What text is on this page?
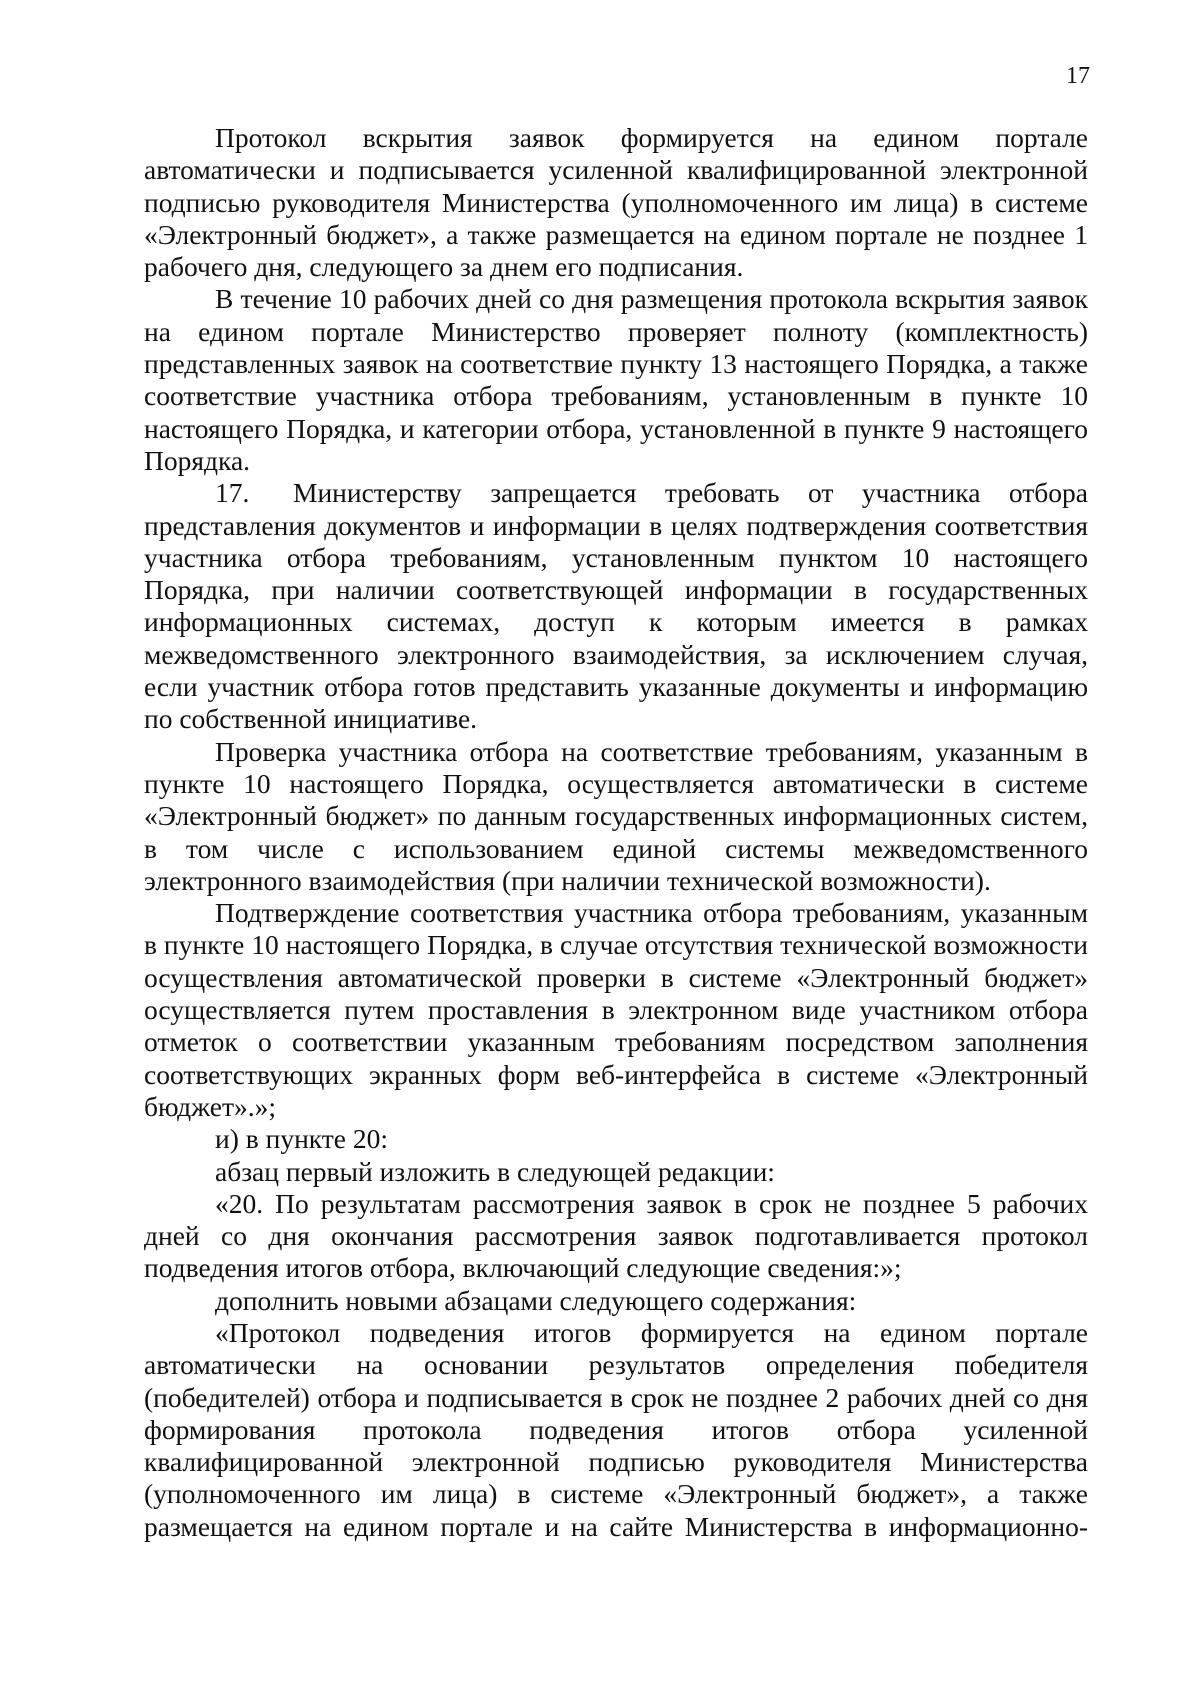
17

Протокол вскрытия заявок формируется на едином портале автоматически и подписывается усиленной квалифицированной электронной подписью руководителя Министерства (уполномоченного им лица) в системе «Электронный бюджет», а также размещается на едином портале не позднее 1 рабочего дня, следующего за днем его подписания.

В течение 10 рабочих дней со дня размещения протокола вскрытия заявок на едином портале Министерство проверяет полноту (комплектность) представленных заявок на соответствие пункту 13 настоящего Порядка, а также соответствие участника отбора требованиям, установленным в пункте 10 настоящего Порядка, и категории отбора, установленной в пункте 9 настоящего Порядка.

17. Министерству запрещается требовать от участника отбора представления документов и информации в целях подтверждения соответствия участника отбора требованиям, установленным пунктом 10 настоящего Порядка, при наличии соответствующей информации в государственных информационных системах, доступ к которым имеется в рамках межведомственного электронного взаимодействия, за исключением случая, если участник отбора готов представить указанные документы и информацию по собственной инициативе.

Проверка участника отбора на соответствие требованиям, указанным в пункте 10 настоящего Порядка, осуществляется автоматически в системе «Электронный бюджет» по данным государственных информационных систем, в том числе с использованием единой системы межведомственного электронного взаимодействия (при наличии технической возможности).

Подтверждение соответствия участника отбора требованиям, указанным в пункте 10 настоящего Порядка, в случае отсутствия технической возможности осуществления автоматической проверки в системе «Электронный бюджет» осуществляется путем проставления в электронном виде участником отбора отметок о соответствии указанным требованиям посредством заполнения соответствующих экранных форм веб-интерфейса в системе «Электронный бюджет».»;

и) в пункте 20:

абзац первый изложить в следующей редакции:

«20. По результатам рассмотрения заявок в срок не позднее 5 рабочих дней со дня окончания рассмотрения заявок подготавливается протокол подведения итогов отбора, включающий следующие сведения:»;

дополнить новыми абзацами следующего содержания:

«Протокол подведения итогов формируется на едином портале автоматически на основании результатов определения победителя (победителей) отбора и подписывается в срок не позднее 2 рабочих дней со дня формирования протокола подведения итогов отбора усиленной квалифицированной электронной подписью руководителя Министерства (уполномоченного им лица) в системе «Электронный бюджет», а также размещается на едином портале и на сайте Министерства в информационно-
